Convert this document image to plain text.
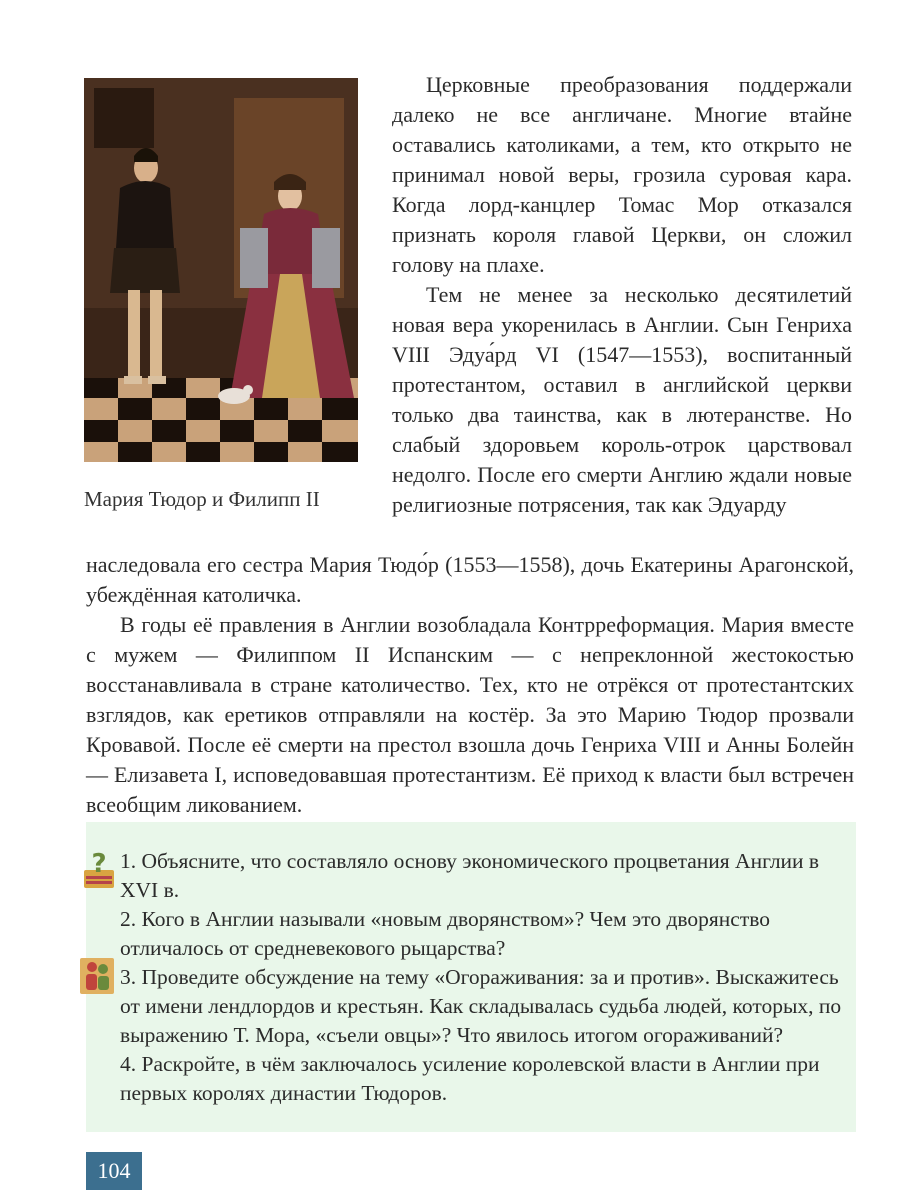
Мария Тюдор и Филипп II

Церковные преобразования поддержали далеко не все англичане. Многие втайне оставались католиками, а тем, кто открыто не принимал новой веры, грозила суровая кара. Когда лорд-канцлер Томас Мор отказался признать короля главой Церкви, он сложил голову на плахе.

Тем не менее за несколько десятилетий новая вера укоренилась в Англии. Сын Генриха VIII Эдуа́рд VI (1547—1553), воспитанный протестантом, оставил в английской церкви только два таинства, как в лютеранстве. Но слабый здоровьем король-отрок царствовал недолго. После его смерти Англию ждали новые религиозные потрясения, так как Эдуарду

наследовала его сестра Мария Тюдо́р (1553—1558), дочь Екатерины Арагонской, убеждённая католичка.

В годы её правления в Англии возобладала Контрреформация. Мария вместе с мужем — Филиппом II Испанским — с непреклонной жестокостью восстанавливала в стране католичество. Тех, кто не отрёкся от протестантских взглядов, как еретиков отправляли на костёр. За это Марию Тюдор прозвали Кровавой. После её смерти на престол взошла дочь Генриха VIII и Анны Болейн — Елизавета I, исповедовавшая протестантизм. Её приход к власти был встречен всеобщим ликованием.

? 1. Объясните, что составляло основу экономического процветания Англии в XVI в.
2. Кого в Англии называли «новым дворянством»? Чем это дворянство отличалось от средневекового рыцарства?
3. Проведите обсуждение на тему «Огораживания: за и против». Выскажитесь от имени лендлордов и крестьян. Как складывалась судьба людей, которых, по выражению Т. Мора, «съели овцы»? Что явилось итогом огораживаний?
4. Раскройте, в чём заключалось усиление королевской власти в Англии при первых королях династии Тюдоров.
104
